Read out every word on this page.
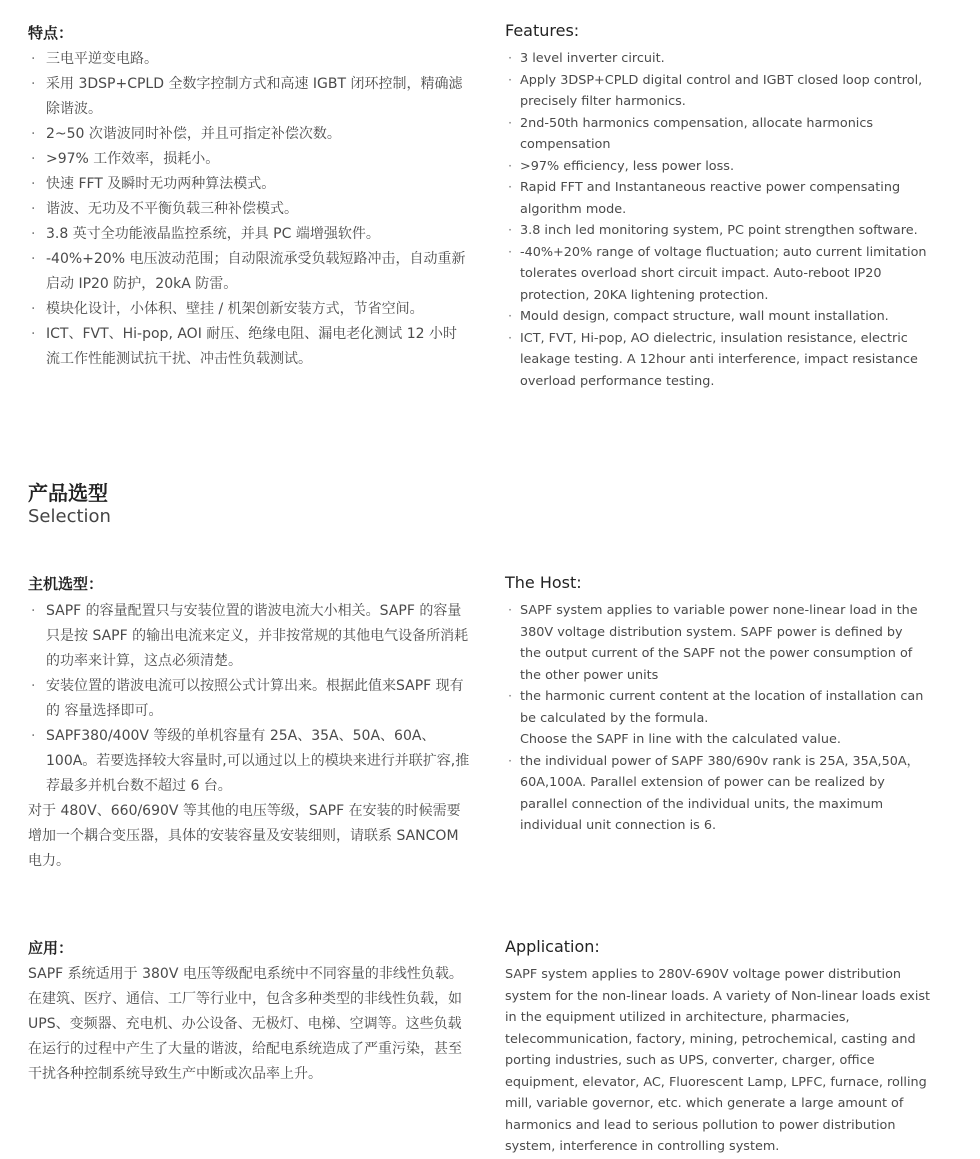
特点：	Features:
· 三电平逆变电路。
· 采用 3DSP+CPLD 全数字控制方式和高速 IGBT 闭环控制，精确滤除谐波。
· 2~50 次谐波同时补偿，并且可指定补偿次数。
· >97% 工作效率，损耗小。
· 快速 FFT 及瞬时无功两种算法模式。
· 谐波、无功及不平衡负载三种补偿模式。
· 3.8 英寸全功能液晶监控系统，并具 PC 端增强软件。
· -40%+20% 电压波动范围；自动限流承受负载短路冲击，自动重新启动 IP20 防护，20kA 防雷。
· 模块化设计，小体积、壁挂 / 机架创新安装方式，节省空间。
· ICT、FVT、Hi-pop, AOI 耐压、绝缘电阻、漏电老化测试 12 小时流工作性能测试抗干扰、冲击性负载测试。
· 3 level inverter circuit.
· Apply 3DSP+CPLD digital control and IGBT closed loop control, precisely filter harmonics.
· 2nd-50th harmonics compensation, allocate harmonics compensation
· >97% efficiency, less power loss.
· Rapid FFT and Instantaneous reactive power compensating algorithm mode.
· 3.8 inch led monitoring system, PC point strengthen software.
· -40%+20% range of voltage fluctuation; auto current limitation tolerates overload short circuit impact. Auto-reboot IP20 protection, 20KA lightening protection.
· Mould design, compact structure, wall mount installation.
· ICT, FVT, Hi-pop, AO dielectric, insulation resistance, electric leakage testing. A 12hour anti interference, impact resistance overload performance testing.
产品选型
Selection
主机选型：	The Host:
· SAPF 的容量配置只与安装位置的谐波电流大小相关。SAPF 的容量只是按 SAPF 的输出电流来定义，并非按常规的其他电气设备所消耗的功率来计算，这点必须清楚。
· 安装位置的谐波电流可以按照公式计算出来。根据此值来SAPF 现有的 容量选择即可。
· SAPF380/400V 等级的单机容量有 25A、35A、50A、60A、100A。若要选择较大容量时,可以通过以上的模块来进行并联扩容,推荐最多并机台数不超过 6 台。

对于 480V、660/690V 等其他的电压等级，SAPF 在安装的时候需要增加一个耦合变压器，具体的安装容量及安装细则，请联系 SANCOM 电力。

· SAPF system applies to variable power none-linear load in the 380V voltage distribution system. SAPF power is defined by the output current of the SAPF not the power consumption of the other power units
· the harmonic current content at the location of installation can be calculated by the formula.
Choose the SAPF in line with the calculated value.
· the individual power of SAPF 380/690v rank is 25A, 35A,50A，60A,100A. Parallel extension of power can be realized by parallel connection of the individual units, the maximum individual unit connection is 6.
应用：	Application:

SAPF 系统适用于 380V 电压等级配电系统中不同容量的非线性负载。在建筑、医疗、通信、工厂等行业中，包含多种类型的非线性负载，如 UPS、变频器、充电机、办公设备、无极灯、电梯、空调等。这些负载在运行的过程中产生了大量的谐波，给配电系统造成了严重污染，甚至干扰各种控制系统导致生产中断或次品率上升。

SAPF system applies to 280V-690V voltage power distribution system for the non-linear loads. A variety of Non-linear loads exist in the equipment utilized in architecture, pharmacies, telecommunication, factory, mining, petrochemical, casting and porting industries, such as UPS, converter, charger, office equipment, elevator, AC, Fluorescent Lamp, LPFC, furnace, rolling mill, variable governor, etc. which generate a large amount of harmonics and lead to serious pollution to power distribution system, interference in controlling system.
